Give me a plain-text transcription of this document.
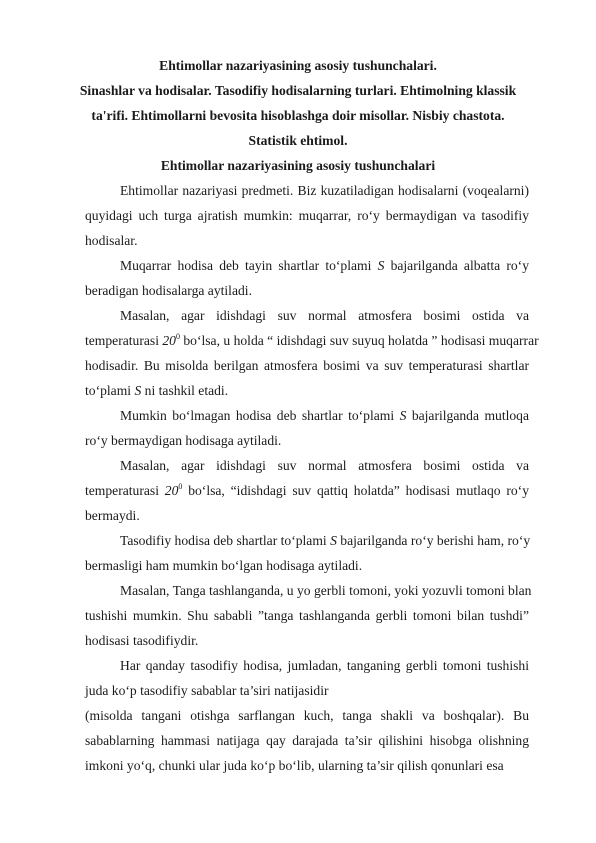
Ehtimollar nazariyasining asosiy tushunchalari.
Sinashlar va hodisalar. Tasodifiy hodisalarning turlari. Ehtimolning klassik
ta'rifi. Ehtimollarni bevosita hisoblashga doir misollar. Nisbiy chastota.
Statistik ehtimol.
Ehtimollar nazariyasining asosiy tushunchalari
Ehtimollar nazariyasi predmeti. Biz kuzatiladigan hodisalarni (voqealarni)
quyidagi uch turga ajratish mumkin: muqarrar, ro‘y bermaydigan va tasodifiy
hodisalar.
Muqarrar hodisa deb tayin shartlar to‘plami S bajarilganda albatta ro‘y
beradigan hodisalarga aytiladi.
Masalan, agar idishdagi suv normal atmosfera bosimi ostida va
temperaturasi $20^0$ bo‘lsa, u holda “ idishdagi suv suyuq holatda ” hodisasi muqarrar
hodisadir. Bu misolda berilgan atmosfera bosimi va suv temperaturasi shartlar
to‘plami S ni tashkil etadi.
Mumkin bo‘lmagan hodisa deb shartlar to‘plami S bajarilganda mutloqa
ro‘y bermaydigan hodisaga aytiladi.
Masalan, agar idishdagi suv normal atmosfera bosimi ostida va
temperaturasi $20^0$ bo‘lsa, “idishdagi suv qattiq holatda” hodisasi mutlaqo ro‘y
bermaydi.
Tasodifiy hodisa deb shartlar to‘plami S bajarilganda ro‘y berishi ham, ro‘y
bermasligi ham mumkin bo‘lgan hodisaga aytiladi.
Masalan, Tanga tashlanganda, u yo gerbli tomoni, yoki yozuvli tomoni blan
tushishi mumkin. Shu sababli ”tanga tashlanganda gerbli tomoni bilan tushdi”
hodisasi tasodifiydir.
Har qanday tasodifiy hodisa, jumladan, tanganing gerbli tomoni tushishi
juda ko‘p tasodifiy sabablar ta’siri natijasidir
(misolda tangani otishga sarflangan kuch, tanga shakli va boshqalar). Bu
sabablarning hammasi natijaga qay darajada ta’sir qilishini hisobga olishning
imkoni yo‘q, chunki ular juda ko‘p bo‘lib, ularning ta’sir qilish qonunlari esa
